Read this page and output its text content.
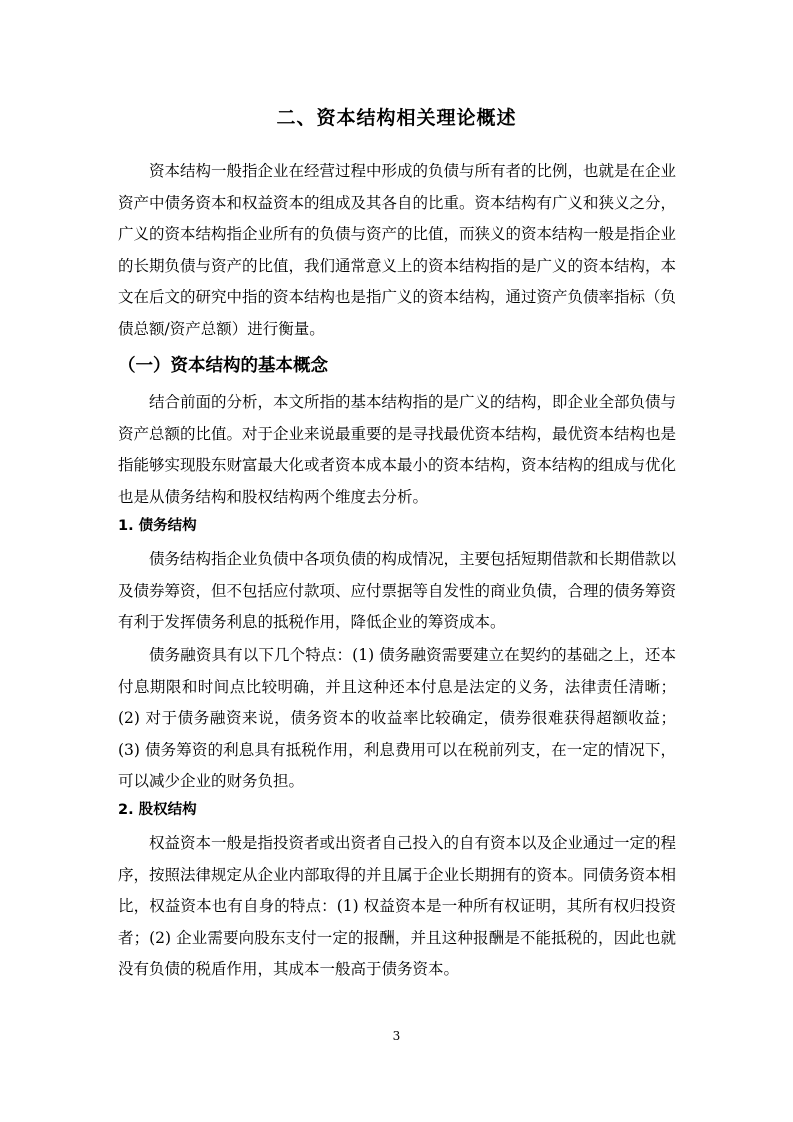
二、资本结构相关理论概述

资本结构一般指企业在经营过程中形成的负债与所有者的比例，也就是在企业资产中债务资本和权益资本的组成及其各自的比重。资本结构有广义和狭义之分，广义的资本结构指企业所有的负债与资产的比值，而狭义的资本结构一般是指企业的长期负债与资产的比值，我们通常意义上的资本结构指的是广义的资本结构，本文在后文的研究中指的资本结构也是指广义的资本结构，通过资产负债率指标（负债总额/资产总额）进行衡量。

（一）资本结构的基本概念

结合前面的分析，本文所指的基本结构指的是广义的结构，即企业全部负债与资产总额的比值。对于企业来说最重要的是寻找最优资本结构，最优资本结构也是指能够实现股东财富最大化或者资本成本最小的资本结构，资本结构的组成与优化也是从债务结构和股权结构两个维度去分析。

1. 债务结构

债务结构指企业负债中各项负债的构成情况，主要包括短期借款和长期借款以及债券筹资，但不包括应付款项、应付票据等自发性的商业负债，合理的债务筹资有利于发挥债务利息的抵税作用，降低企业的筹资成本。

债务融资具有以下几个特点：(1) 债务融资需要建立在契约的基础之上，还本付息期限和时间点比较明确，并且这种还本付息是法定的义务，法律责任清晰；(2) 对于债务融资来说，债务资本的收益率比较确定，债券很难获得超额收益；(3) 债务筹资的利息具有抵税作用，利息费用可以在税前列支，在一定的情况下，可以减少企业的财务负担。

2. 股权结构

权益资本一般是指投资者或出资者自己投入的自有资本以及企业通过一定的程序，按照法律规定从企业内部取得的并且属于企业长期拥有的资本。同债务资本相比，权益资本也有自身的特点：(1) 权益资本是一种所有权证明，其所有权归投资者；(2) 企业需要向股东支付一定的报酬，并且这种报酬是不能抵税的，因此也就没有负债的税盾作用，其成本一般高于债务资本。

3
